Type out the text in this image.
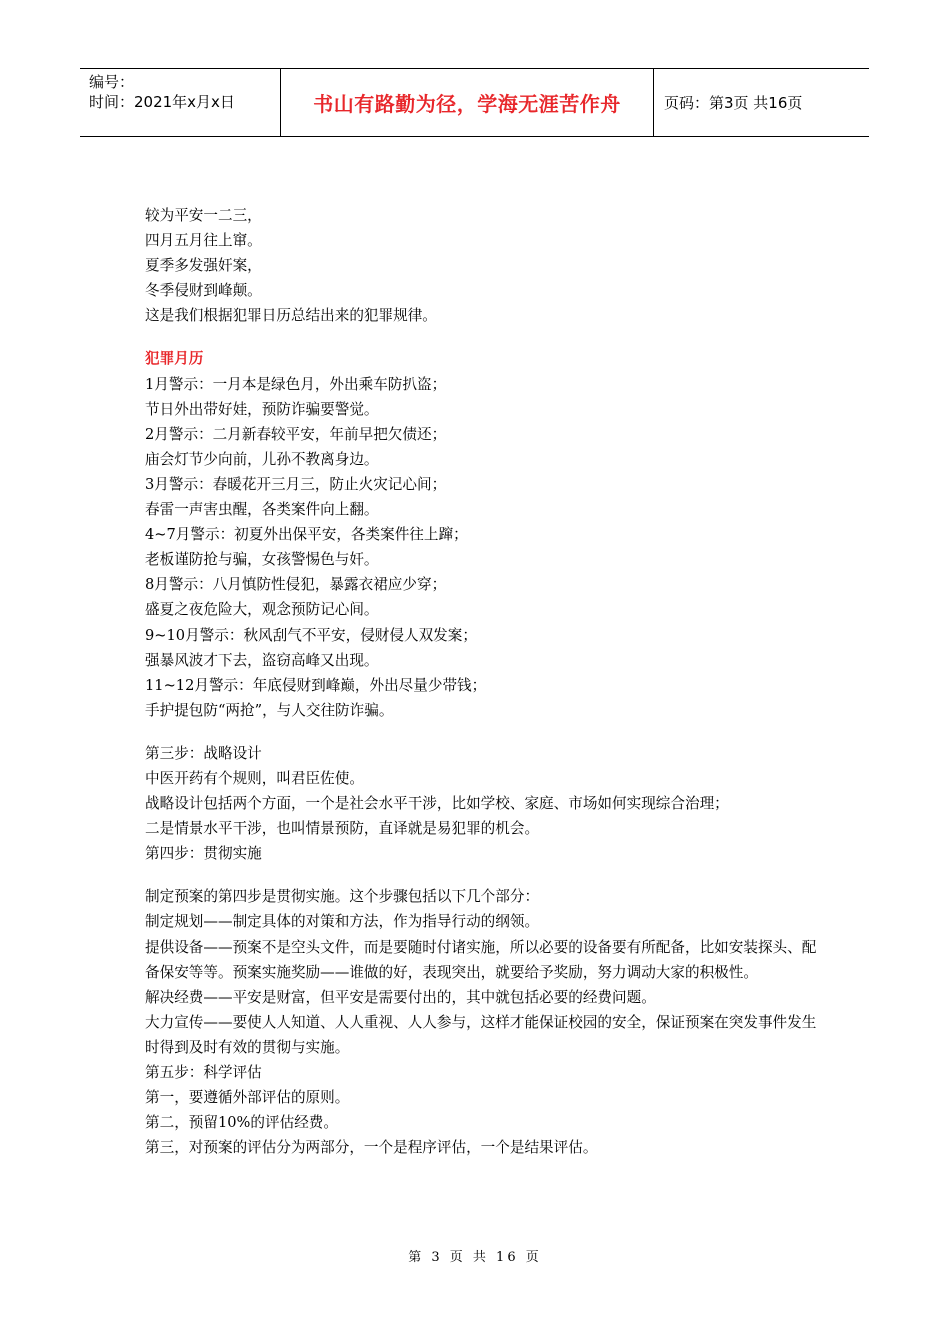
编号：
时间：2021年x月x日	书山有路勤为径，学海无涯苦作舟	页码：第3页 共16页

较为平安一二三，

四月五月往上窜。

夏季多发强奸案，

冬季侵财到峰颠。

这是我们根据犯罪日历总结出来的犯罪规律。

犯罪月历

1月警示：一月本是绿色月，外出乘车防扒盗；

节日外出带好娃，预防诈骗要警觉。

2月警示：二月新春较平安，年前早把欠债还；

庙会灯节少向前，儿孙不教离身边。

3月警示：春暖花开三月三，防止火灾记心间；

春雷一声害虫醒，各类案件向上翻。

4~7月警示：初夏外出保平安，各类案件往上蹿；

老板谨防抢与骗，女孩警惕色与奸。

8月警示：八月慎防性侵犯，暴露衣裙应少穿；

盛夏之夜危险大，观念预防记心间。

9~10月警示：秋风刮气不平安，侵财侵人双发案；

强暴风波才下去，盗窃高峰又出现。

11~12月警示：年底侵财到峰巅，外出尽量少带钱；

手护提包防“两抢”，与人交往防诈骗。

第三步：战略设计

中医开药有个规则，叫君臣佐使。

战略设计包括两个方面，一个是社会水平干涉，比如学校、家庭、市场如何实现综合治理；

二是情景水平干涉，也叫情景预防，直译就是易犯罪的机会。

第四步：贯彻实施

制定预案的第四步是贯彻实施。这个步骤包括以下几个部分：

制定规划——制定具体的对策和方法，作为指导行动的纲领。

提供设备——预案不是空头文件，而是要随时付诸实施，所以必要的设备要有所配备，比如安装探头、配备保安等等。预案实施奖励——谁做的好，表现突出，就要给予奖励，努力调动大家的积极性。

解决经费——平安是财富，但平安是需要付出的，其中就包括必要的经费问题。

大力宣传——要使人人知道、人人重视、人人参与，这样才能保证校园的安全，保证预案在突发事件发生时得到及时有效的贯彻与实施。

第五步：科学评估

第一，要遵循外部评估的原则。

第二，预留10%的评估经费。

第三，对预案的评估分为两部分，一个是程序评估，一个是结果评估。

第 3 页 共 16 页
